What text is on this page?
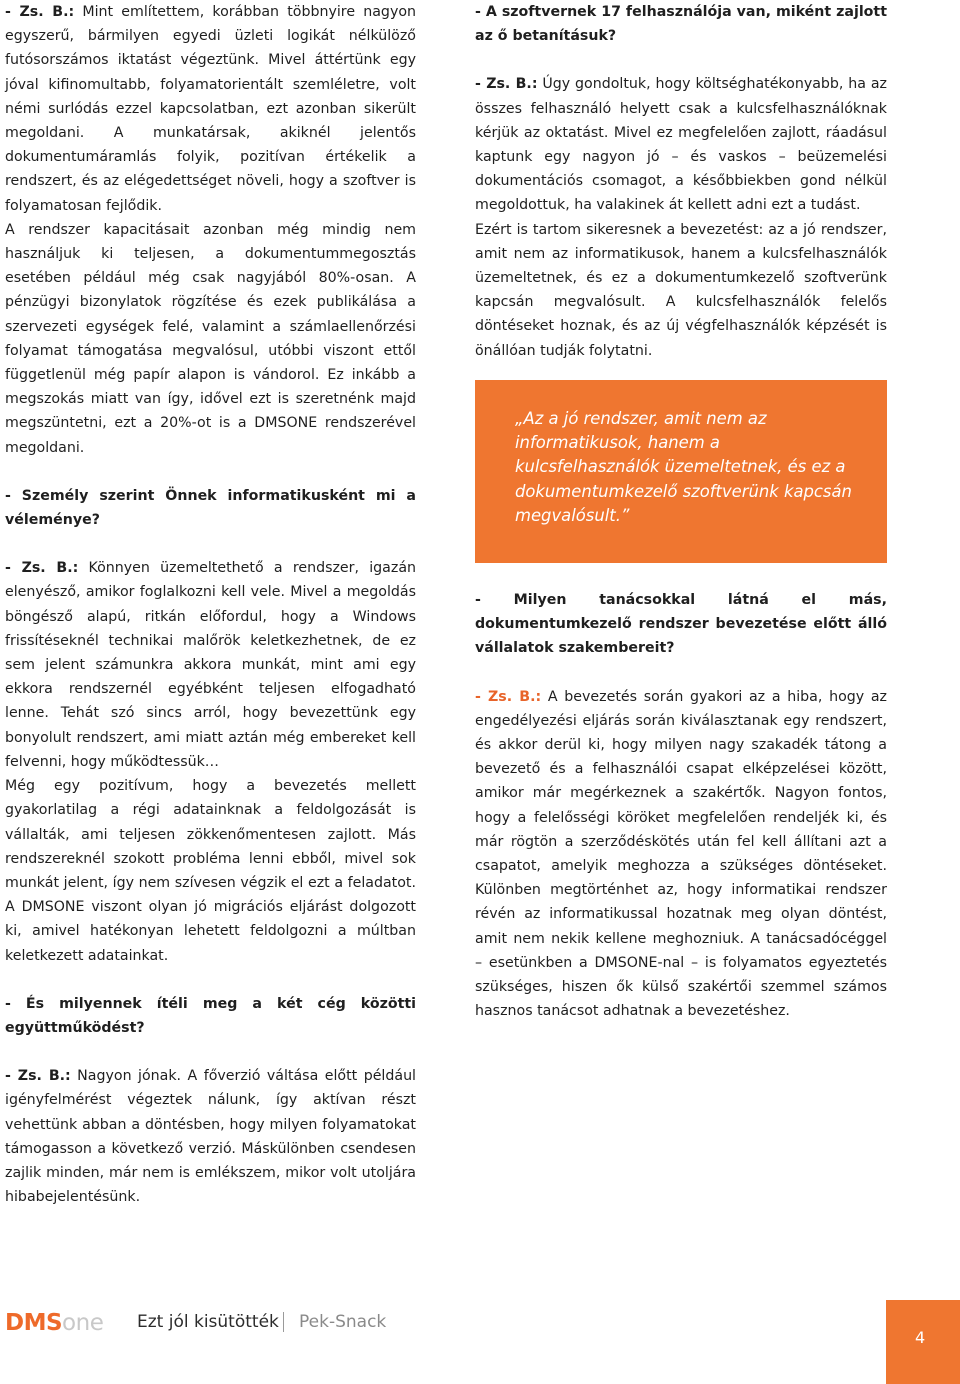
- Zs. B.: Mint említettem, korábban többnyire nagyon egyszerű, bármilyen egyedi üzleti logikát nélkülöző futósorszámos iktatást végeztünk. Mivel áttértünk egy jóval kifinomultabb, folyamatorientált szemléletre, volt némi surlódás ezzel kapcsolatban, ezt azonban sikerült megoldani. A munkatársak, akiknél jelentős dokumentumáramlás folyik, pozitívan értékelik a rendszert, és az elégedettséget növeli, hogy a szoftver is folyamatosan fejlődik.

A rendszer kapacitásait azonban még mindig nem használjuk ki teljesen, a dokumentummegosztás esetében például még csak nagyjából 80%-osan. A pénzügyi bizonylatok rögzítése és ezek publikálása a szervezeti egységek felé, valamint a számlaellenőrzési folyamat támogatása megvalósul, utóbbi viszont ettől függetlenül még papír alapon is vándorol. Ez inkább a megszokás miatt van így, idővel ezt is szeretnénk majd megszüntetni, ezt a 20%-ot is a DMSONE rendszerével megoldani.

- Személy szerint Önnek informatikusként mi a véleménye?

- Zs. B.: Könnyen üzemeltethető a rendszer, igazán elenyésző, amikor foglalkozni kell vele. Mivel a megoldás böngésző alapú, ritkán előfordul, hogy a Windows frissítéseknél technikai malőrök keletkezhetnek, de ez sem jelent számunkra akkora munkát, mint ami egy ekkora rendszernél egyébként teljesen elfogadható lenne. Tehát szó sincs arról, hogy bevezettünk egy bonyolult rendszert, ami miatt aztán még embereket kell felvenni, hogy működtessük…

Még egy pozitívum, hogy a bevezetés mellett gyakorlatilag a régi adatainknak a feldolgozását is vállalták, ami teljesen zökkenőmentesen zajlott. Más rendszereknél szokott probléma lenni ebből, mivel sok munkát jelent, így nem szívesen végzik el ezt a feladatot. A DMSONE viszont olyan jó migrációs eljárást dolgozott ki, amivel hatékonyan lehetett feldolgozni a múltban keletkezett adatainkat.

- És milyennek ítéli meg a két cég közötti együttműködést?

- Zs. B.: Nagyon jónak. A főverzió váltása előtt például igényfelmérést végeztek nálunk, így aktívan részt vehettünk abban a döntésben, hogy milyen folyamatokat támogasson a következő verzió. Máskülönben csendesen zajlik minden, már nem is emlékszem, mikor volt utoljára hibabejelentésünk.

- A szoftvernek 17 felhasználója van, miként zajlott az ő betanításuk?

- Zs. B.: Úgy gondoltuk, hogy költséghatékonyabb, ha az összes felhasználó helyett csak a kulcsfelhasználóknak kérjük az oktatást. Mivel ez megfelelően zajlott, ráadásul kaptunk egy nagyon jó – és vaskos – beüzemelési dokumentációs csomagot, a későbbiekben gond nélkül megoldottuk, ha valakinek át kellett adni ezt a tudást.

Ezért is tartom sikeresnek a bevezetést: az a jó rendszer, amit nem az informatikusok, hanem a kulcsfelhasználók üzemeltetnek, és ez a dokumentumkezelő szoftverünk kapcsán megvalósult. A kulcsfelhasználók felelős döntéseket hoznak, és az új végfelhasználók képzését is önállóan tudják folytatni.

„Az a jó rendszer, amit nem az informatikusok, hanem a kulcsfelhasználók üzemeltetnek, és ez a dokumentumkezelő szoftverünk kapcsán megvalósult.”

- Milyen tanácsokkal látná el más, dokumentumkezelő rendszer bevezetése előtt álló vállalatok szakembereit?

- Zs. B.: A bevezetés során gyakori az a hiba, hogy az engedélyezési eljárás során kiválasztanak egy rendszert, és akkor derül ki, hogy milyen nagy szakadék tátong a bevezető és a felhasználói csapat elképzelései között, amikor már megérkeznek a szakértők. Nagyon fontos, hogy a felelősségi köröket megfelelően rendeljék ki, és már rögtön a szerződéskötés után fel kell állítani azt a csapatot, amelyik meghozza a szükséges döntéseket. Különben megtörténhet az, hogy informatikai rendszer révén az informatikussal hozatnak meg olyan döntést, amit nem nekik kellene meghozniuk. A tanácsadócéggel – esetünkben a DMSONE-nal – is folyamatos egyeztetés szükséges, hiszen ők külső szakértői szemmel számos hasznos tanácsot adhatnak a bevezetéshez.

DMS one Ezt jól kisütötték Pek-Snack
4
